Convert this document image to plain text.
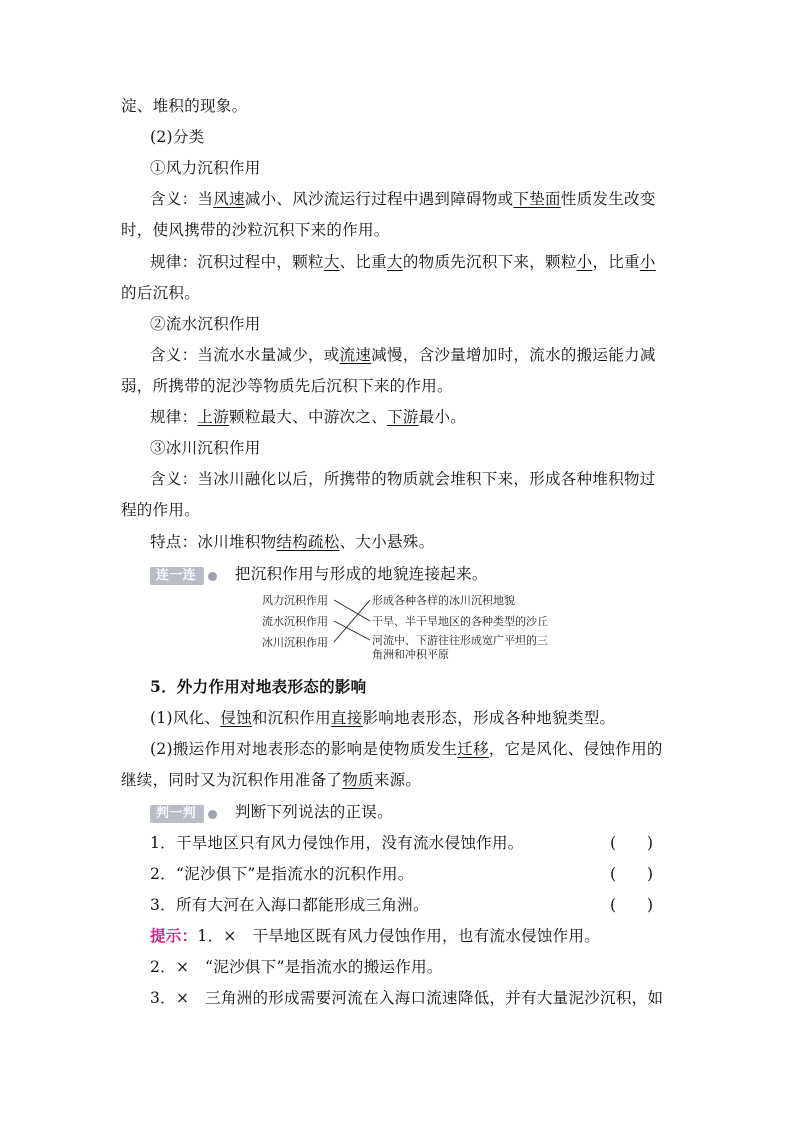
淀、堆积的现象。
(2)分类
①风力沉积作用
含义：当风速减小、风沙流运行过程中遇到障碍物或下垫面性质发生改变
时，使风携带的沙粒沉积下来的作用。
规律：沉积过程中，颗粒大、比重大的物质先沉积下来，颗粒小，比重小
的后沉积。
②流水沉积作用
含义：当流水水量减少，或流速减慢，含沙量增加时，流水的搬运能力减
弱，所携带的泥沙等物质先后沉积下来的作用。
规律：上游颗粒最大、中游次之、下游最小。
③冰川沉积作用
含义：当冰川融化以后，所携带的物质就会堆积下来，形成各种堆积物过
程的作用。
特点：冰川堆积物结构疏松、大小悬殊。
连一连	把沉积作用与形成的地貌连接起来。
风力沉积作用
流水沉积作用
冰川沉积作用
形成各种各样的冰川沉积地貌
干旱、半干旱地区的各种类型的沙丘
河流中、下游往往形成宽广平坦的三
角洲和冲积平原
5．外力作用对地表形态的影响
(1)风化、侵蚀和沉积作用直接影响地表形态，形成各种地貌类型。
(2)搬运作用对地表形态的影响是使物质发生迁移，它是风化、侵蚀作用的
继续，同时又为沉积作用准备了物质来源。
判一判	判断下列说法的正误。
1．干旱地区只有风力侵蚀作用，没有流水侵蚀作用。	(　　)
2．“泥沙俱下”是指流水的沉积作用。	(　　)
3．所有大河在入海口都能形成三角洲。	(　　)
提示：1．×　干旱地区既有风力侵蚀作用，也有流水侵蚀作用。
2．×　“泥沙俱下”是指流水的搬运作用。
3．×　三角洲的形成需要河流在入海口流速降低，并有大量泥沙沉积，如
